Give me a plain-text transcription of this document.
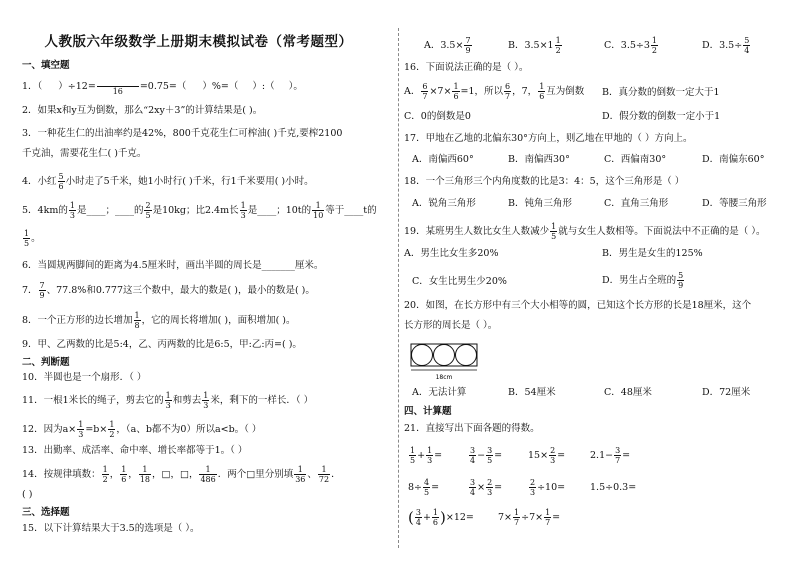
人教版六年级数学上册期末模拟试卷（常考题型）
一、填空题
1．（ ）÷12=
	16	=0.75=（ ）%=（ ）:（ ）。
2．如果x和y互为倒数，那么“2xy＋3”的计算结果是( )。
3．一种花生仁的出油率约是42%，800千克花生仁可榨油( )千克,要榨2100
千克油，需要花生仁( )千克。
4．小红 $\frac{5}{6}$ 小时走了5千米，她1小时行( )千米，行1千米要用( )小时。
5．4km的 $\frac{1}{3}$ 是____；____的 $\frac{2}{5}$ 是10kg；比2.4m长 $\frac{1}{3}$ 是____；10t的 $\frac{1}{10}$ 等于____t的
$\frac{1}{5}$ 。
6．当圆规两脚间的距离为4.5厘米时，画出半圆的周长是_______厘米。
7． $\frac{7}{9}$ 、77.8%和0.777这三个数中，最大的数是( )，最小的数是( )。
8．一个正方形的边长增加 $\frac{1}{8}$ ，它的周长将增加( )，面积增加( )。
9．甲、乙两数的比是5:4，乙、丙两数的比是6:5，甲:乙:丙=( )。
二、判断题
10．半圆也是一个扇形．（ ）
11．一根1米长的绳子，剪去它的 $\frac{1}{3}$ 和剪去 $\frac{1}{3}$ 米，剩下的一样长．（ ）
12．因为$a\times \frac{1}{3} =b\times \frac{1}{2}$ ，（a、b都不为0）所以a<b。（ ）
13．出勤率、成活率、命中率、增长率都等于1。（ ）
14．按规律填数： $\frac{1}{2}$ ， $\frac{1}{6}$ ， $\frac{1}{18}$ ，□，□， $\frac{1}{486}$ ．两个□里分别填 $\frac{1}{36}$ 、 $\frac{1}{72}$ ．
( )
三、选择题
15．以下计算结果大于3.5的选项是（ ）。
A．$3.5\times \frac{7}{9}$	B．$3.5\times 1 \frac{1}{2}$	C．$3.5\div 3 \frac{1}{2}$	D．$3.5\div \frac{5}{4}$
16．下面说法正确的是（ ）。
A． $\frac{6}{7} \times 7\times \frac{1}{6} =1$，所以 $\frac{6}{7}$ ，7， $\frac{1}{6}$ 互为倒数 B．真分数的倒数一定大于1
C．0的倒数是0	D．假分数的倒数一定小于1
17．甲地在乙地的北偏东30°方向上，则乙地在甲地的（ ）方向上。
A．南偏西60°	B．南偏西30°	C．西偏南30°	D．南偏东60°
18．一个三角形三个内角度数的比是3：4：5，这个三角形是（ ）
A．锐角三角形	B．钝角三角形	C．直角三角形	D．等腰三角形
19．某班男生人数比女生人数减少 $\frac{1}{5}$ 就与女生人数相等。下面说法中不正确的是（ ）。
A．男生比女生多20%	B．男生是女生的125%
C．女生比男生少20%	D．男生占全班的 $\frac{5}{9}$
20．如图，在长方形中有三个大小相等的圆，已知这个长方形的长是18厘米，这个
长方形的周长是（ ）。
18cm
A．无法计算	B．54厘米	C．48厘米	D．72厘米
四、计算题
21．直接写出下面各题的得数。
$\frac{1}{5} + \frac{1}{3}$ =	$\frac{3}{4} - \frac{3}{5}$ =	$15\times \frac{2}{3}$ =	$2.1- \frac{3}{7}$ =
$8\div \frac{4}{5}$ =	$\frac{3}{4} \times \frac{2}{3}$ =	$\frac{2}{3} \div 10=$	1.5÷0.3=
( $\frac{3}{4} + \frac{1}{6} )\times 12=$	$7\times \frac{1}{7} \div 7\times \frac{1}{7}$ =
